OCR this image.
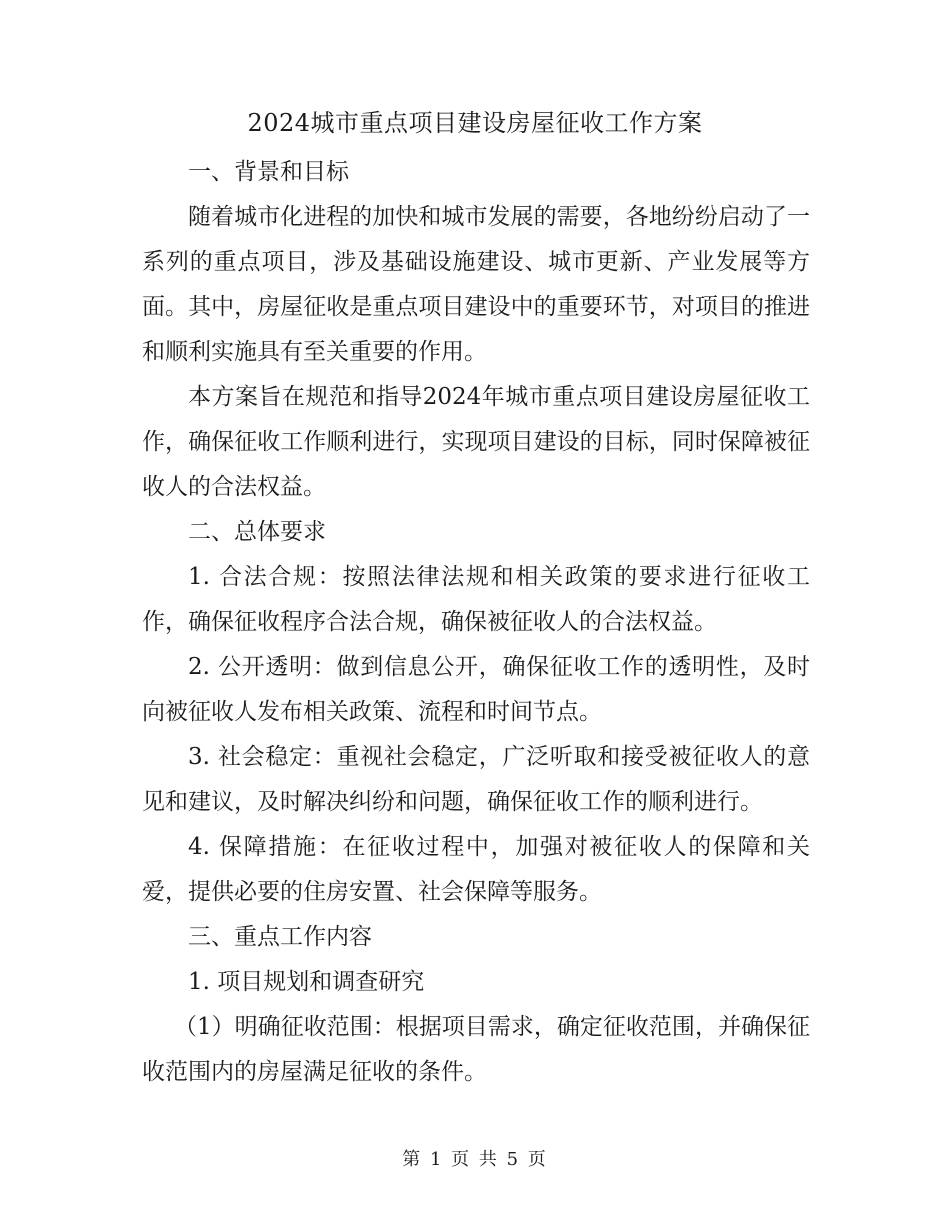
2024城市重点项目建设房屋征收工作方案

一、背景和目标

随着城市化进程的加快和城市发展的需要，各地纷纷启动了一系列的重点项目，涉及基础设施建设、城市更新、产业发展等方面。其中，房屋征收是重点项目建设中的重要环节，对项目的推进和顺利实施具有至关重要的作用。

本方案旨在规范和指导2024年城市重点项目建设房屋征收工作，确保征收工作顺利进行，实现项目建设的目标，同时保障被征收人的合法权益。

二、总体要求

1. 合法合规：按照法律法规和相关政策的要求进行征收工作，确保征收程序合法合规，确保被征收人的合法权益。

2. 公开透明：做到信息公开，确保征收工作的透明性，及时向被征收人发布相关政策、流程和时间节点。

3. 社会稳定：重视社会稳定，广泛听取和接受被征收人的意见和建议，及时解决纠纷和问题，确保征收工作的顺利进行。

4. 保障措施：在征收过程中，加强对被征收人的保障和关爱，提供必要的住房安置、社会保障等服务。

三、重点工作内容

1. 项目规划和调查研究

（1）明确征收范围：根据项目需求，确定征收范围，并确保征收范围内的房屋满足征收的条件。

第 1 页 共 5 页
